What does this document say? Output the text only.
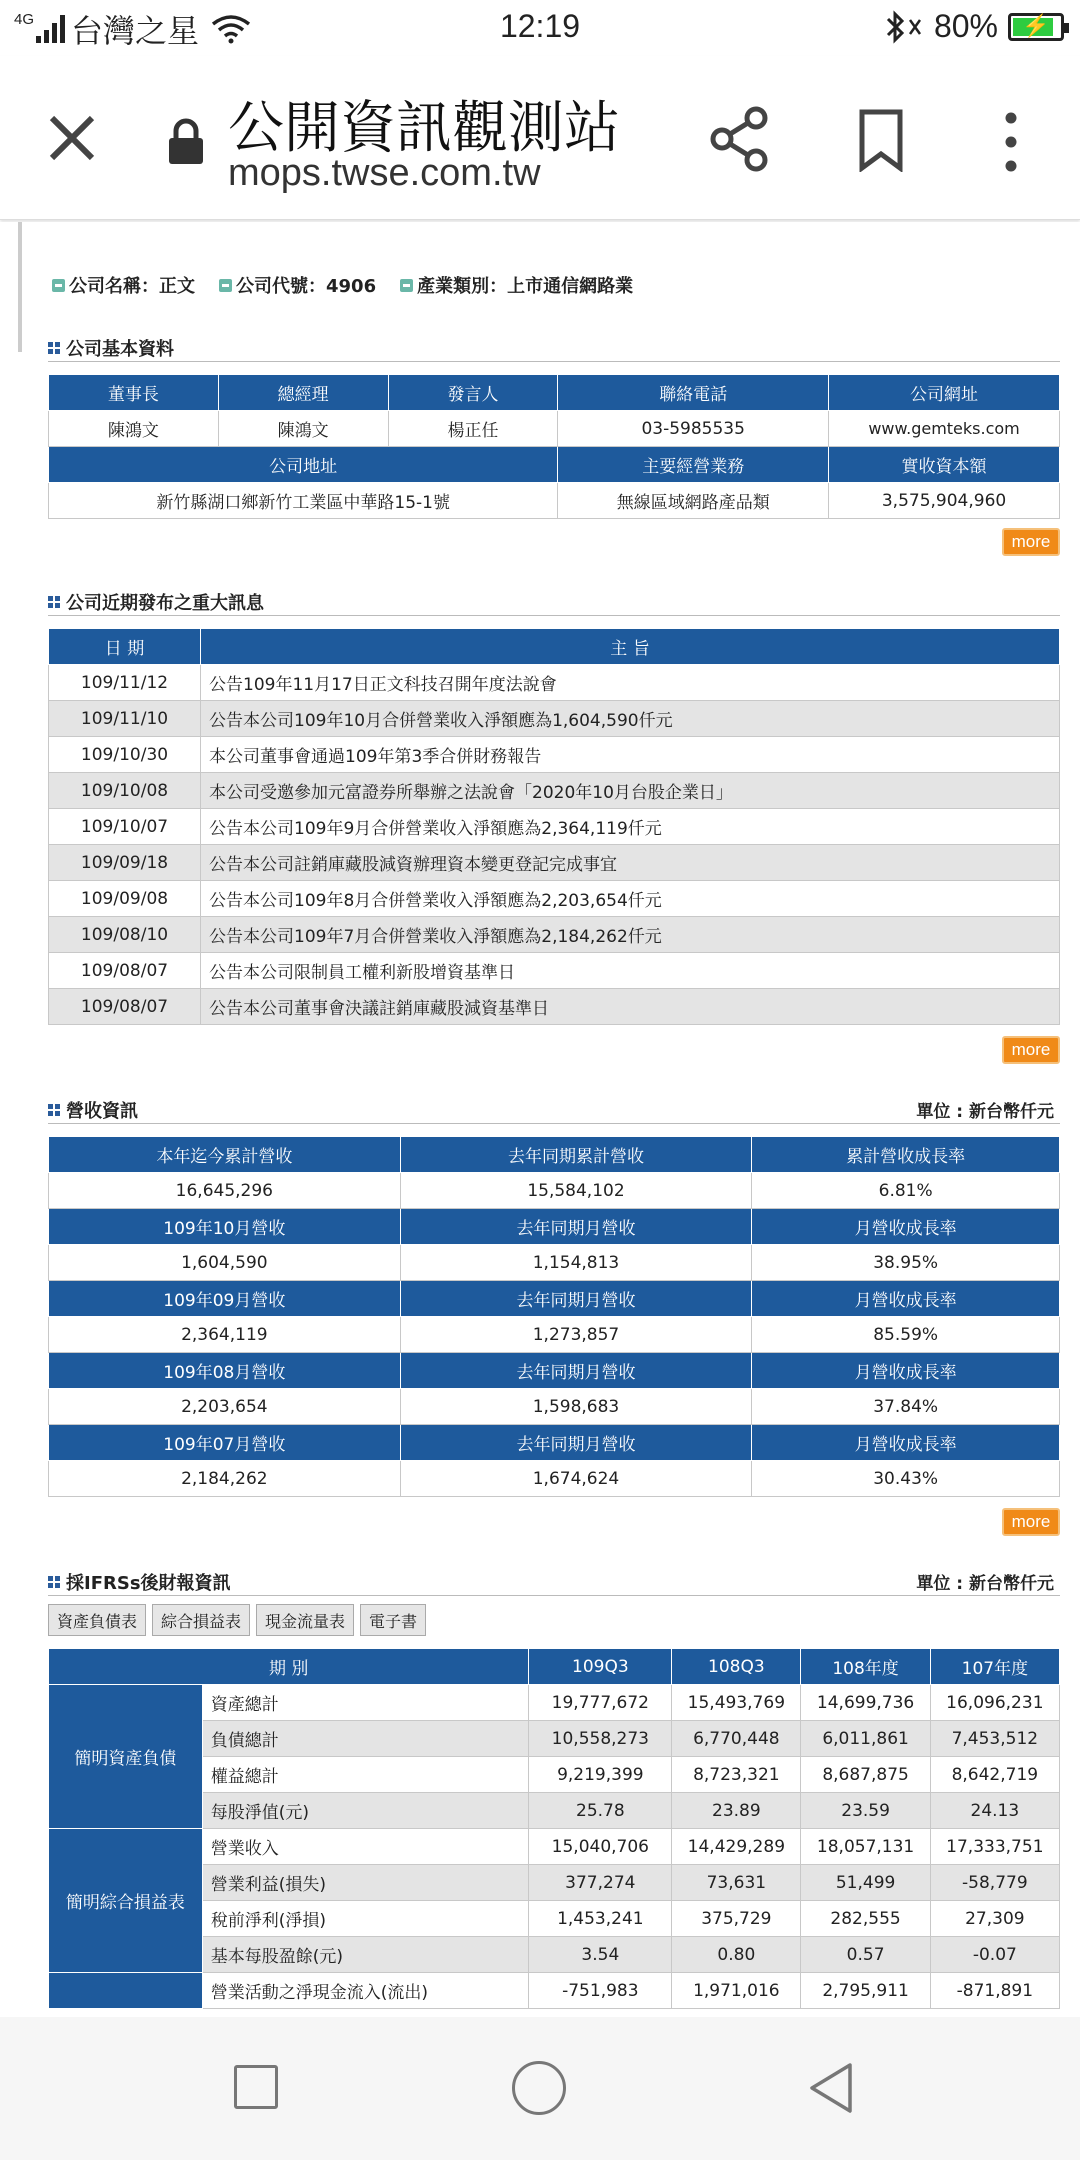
4G 台灣之星	12:19	80%	⚡
公開資訊觀測站
mops.twse.com.tw
公司名稱：正文 公司代號：4906 產業類別：上市通信網路業
公司基本資料
董事長	總經理	發言人	聯絡電話	公司網址
陳鴻文	陳鴻文	楊正任	03-5985535	www.gemteks.com
公司地址			主要經營業務	實收資本額
新竹縣湖口鄉新竹工業區中華路15-1號			無線區域網路產品類	3,575,904,960
more
公司近期發布之重大訊息
日 期	主 旨
109/11/12	公告109年11月17日正文科技召開年度法說會
109/11/10	公告本公司109年10月合併營業收入淨額應為1,604,590仟元
109/10/30	本公司董事會通過109年第3季合併財務報告
109/10/08	本公司受邀參加元富證券所舉辦之法說會「2020年10月台股企業日」
109/10/07	公告本公司109年9月合併營業收入淨額應為2,364,119仟元
109/09/18	公告本公司註銷庫藏股減資辦理資本變更登記完成事宜
109/09/08	公告本公司109年8月合併營業收入淨額應為2,203,654仟元
109/08/10	公告本公司109年7月合併營業收入淨額應為2,184,262仟元
109/08/07	公告本公司限制員工權利新股增資基準日
109/08/07	公告本公司董事會決議註銷庫藏股減資基準日
more
營收資訊	單位 : 新台幣仟元
本年迄今累計營收	去年同期累計營收	累計營收成長率
16,645,296	15,584,102	6.81%
109年10月營收	去年同期月營收	月營收成長率
1,604,590	1,154,813	38.95%
109年09月營收	去年同期月營收	月營收成長率
2,364,119	1,273,857	85.59%
109年08月營收	去年同期月營收	月營收成長率
2,203,654	1,598,683	37.84%
109年07月營收	去年同期月營收	月營收成長率
2,184,262	1,674,624	30.43%
more
採IFRSs後財報資訊	單位 : 新台幣仟元
資產負債表	綜合損益表	現金流量表	電子書
期 別		109Q3	108Q3	108年度	107年度
簡明資產負債	資產總計	19,777,672	15,493,769	14,699,736	16,096,231
	負債總計	10,558,273	6,770,448	6,011,861	7,453,512
	權益總計	9,219,399	8,723,321	8,687,875	8,642,719
	每股淨值(元)	25.78	23.89	23.59	24.13
簡明綜合損益表	營業收入	15,040,706	14,429,289	18,057,131	17,333,751
	營業利益(損失)	377,274	73,631	51,499	-58,779
	稅前淨利(淨損)	1,453,241	375,729	282,555	27,309
	基本每股盈餘(元)	3.54	0.80	0.57	-0.07
	營業活動之淨現金流入(流出)	-751,983	1,971,016	2,795,911	-871,891
